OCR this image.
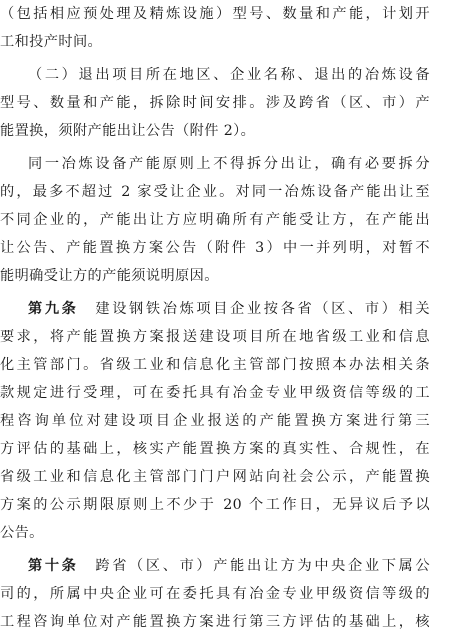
（包括相应预处理及精炼设施）型号、数量和产能，计划开
工和投产时间。
（二）退出项目所在地区、企业名称、退出的冶炼设备
型号、数量和产能，拆除时间安排。涉及跨省（区、市）产
能置换，须附产能出让公告（附件 2）。
同一冶炼设备产能原则上不得拆分出让，确有必要拆分
的，最多不超过 2 家受让企业。对同一冶炼设备产能出让至
不同企业的，产能出让方应明确所有产能受让方，在产能出
让公告、产能置换方案公告（附件 3）中一并列明，对暂不
能明确受让方的产能须说明原因。
第九条　 建设钢铁冶炼项目企业按各省（区、市）相关
要求，将产能置换方案报送建设项目所在地省级工业和信息
化主管部门。省级工业和信息化主管部门按照本办法相关条
款规定进行受理，可在委托具有冶金专业甲级资信等级的工
程咨询单位对建设项目企业报送的产能置换方案进行第三
方评估的基础上，核实产能置换方案的真实性、合规性，在
省级工业和信息化主管部门门户网站向社会公示，产能置换
方案的公示期限原则上不少于 20 个工作日，无异议后予以
公告。
第十条　 跨省（区、市）产能出让方为中央企业下属公
司的，所属中央企业可在委托具有冶金专业甲级资信等级的
工程咨询单位对产能置换方案进行第三方评估的基础上，核
